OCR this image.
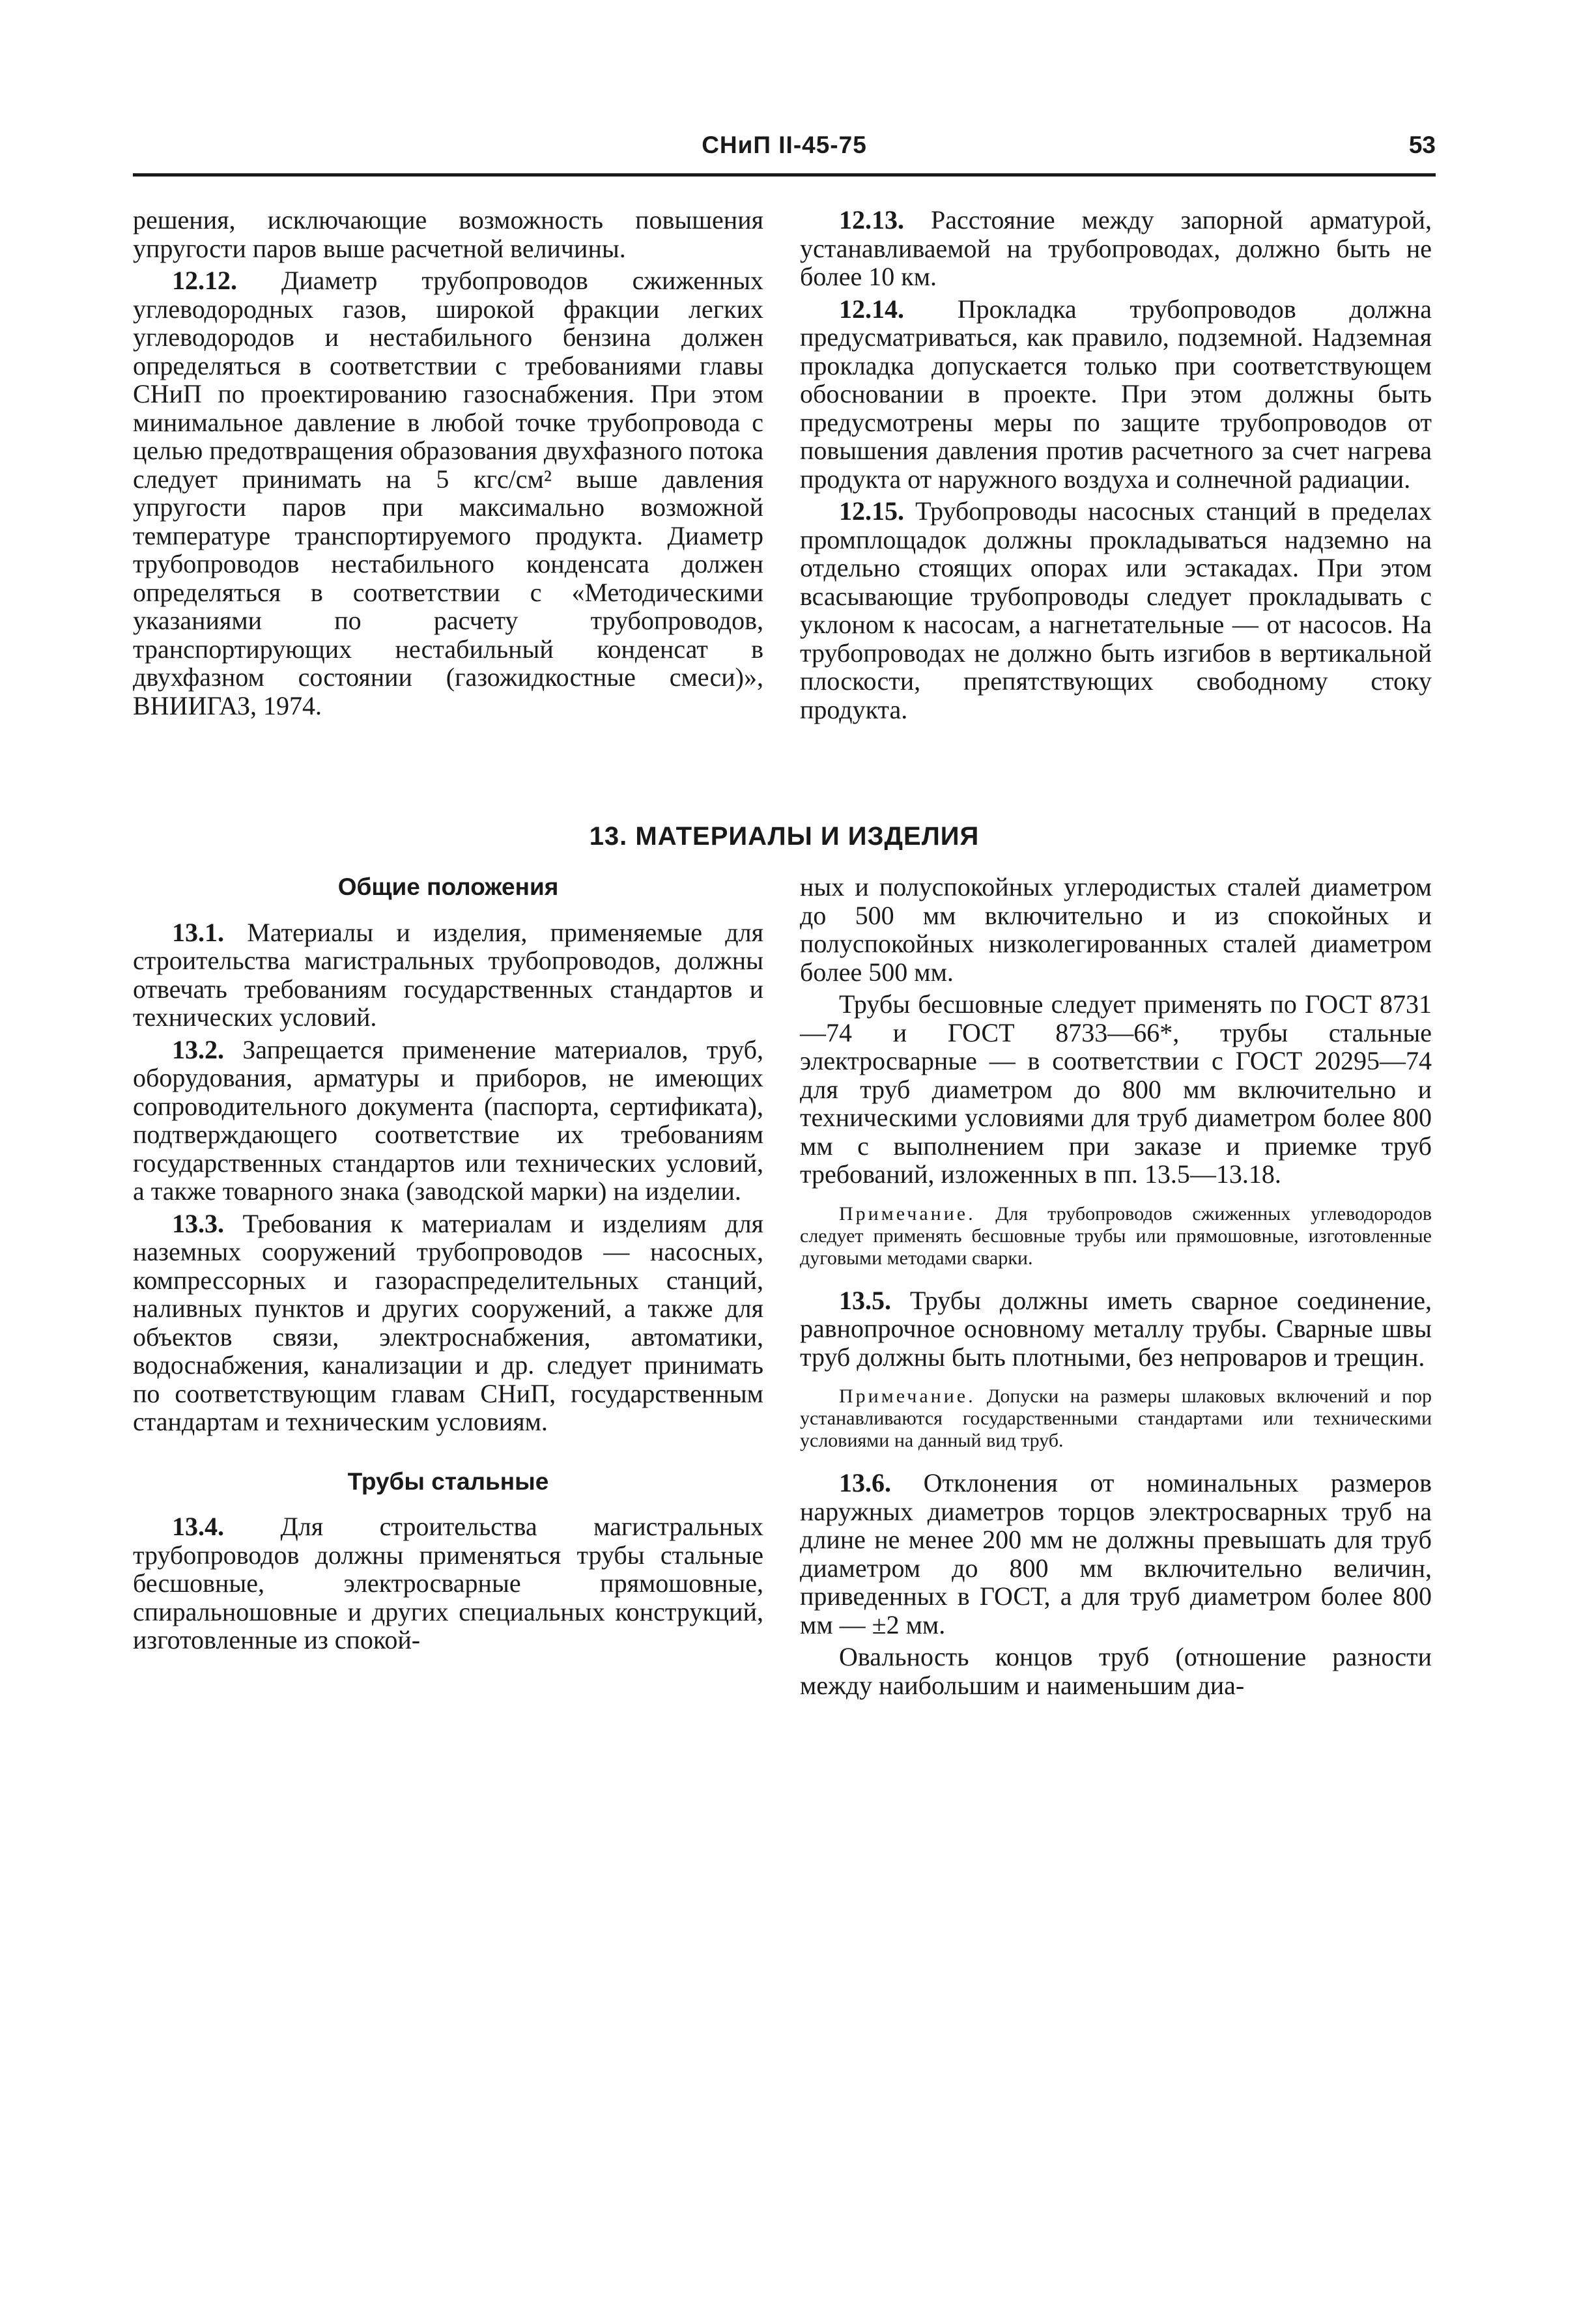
СНиП II-45-75	53

решения, исключающие возможность повышения упругости паров выше расчетной величины.

12.12. Диаметр трубопроводов сжиженных углеводородных газов, широкой фракции легких углеводородов и нестабильного бензина должен определяться в соответствии с требованиями главы СНиП по проектированию газоснабжения. При этом минимальное давление в любой точке трубопровода с целью предотвращения образования двухфазного потока следует принимать на 5 кгс/см² выше давления упругости паров при максимально возможной температуре транспортируемого продукта. Диаметр трубопроводов нестабильного конденсата должен определяться в соответствии с «Методическими указаниями по расчету трубопроводов, транспортирующих нестабильный конденсат в двухфазном состоянии (газожидкостные смеси)», ВНИИГАЗ, 1974.

12.13. Расстояние между запорной арматурой, устанавливаемой на трубопроводах, должно быть не более 10 км.

12.14. Прокладка трубопроводов должна предусматриваться, как правило, подземной. Надземная прокладка допускается только при соответствующем обосновании в проекте. При этом должны быть предусмотрены меры по защите трубопроводов от повышения давления против расчетного за счет нагрева продукта от наружного воздуха и солнечной радиации.

12.15. Трубопроводы насосных станций в пределах промплощадок должны прокладываться надземно на отдельно стоящих опорах или эстакадах. При этом всасывающие трубопроводы следует прокладывать с уклоном к насосам, а нагнетательные — от насосов. На трубопроводах не должно быть изгибов в вертикальной плоскости, препятствующих свободному стоку продукта.

13. МАТЕРИАЛЫ И ИЗДЕЛИЯ

Общие положения

13.1. Материалы и изделия, применяемые для строительства магистральных трубопроводов, должны отвечать требованиям государственных стандартов и технических условий.

13.2. Запрещается применение материалов, труб, оборудования, арматуры и приборов, не имеющих сопроводительного документа (паспорта, сертификата), подтверждающего соответствие их требованиям государственных стандартов или технических условий, а также товарного знака (заводской марки) на изделии.

13.3. Требования к материалам и изделиям для наземных сооружений трубопроводов — насосных, компрессорных и газораспределительных станций, наливных пунктов и других сооружений, а также для объектов связи, электроснабжения, автоматики, водоснабжения, канализации и др. следует принимать по соответствующим главам СНиП, государственным стандартам и техническим условиям.

Трубы стальные

13.4. Для строительства магистральных трубопроводов должны применяться трубы стальные бесшовные, электросварные прямошовные, спиральношовные и других специальных конструкций, изготовленные из спокой-

ных и полуспокойных углеродистых сталей диаметром до 500 мм включительно и из спокойных и полуспокойных низколегированных сталей диаметром более 500 мм.

Трубы бесшовные следует применять по ГОСТ 8731—74 и ГОСТ 8733—66*, трубы стальные электросварные — в соответствии с ГОСТ 20295—74 для труб диаметром до 800 мм включительно и техническими условиями для труб диаметром более 800 мм с выполнением при заказе и приемке труб требований, изложенных в пп. 13.5—13.18.

Примечание. Для трубопроводов сжиженных углеводородов следует применять бесшовные трубы или прямошовные, изготовленные дуговыми методами сварки.

13.5. Трубы должны иметь сварное соединение, равнопрочное основному металлу трубы. Сварные швы труб должны быть плотными, без непроваров и трещин.

Примечание. Допуски на размеры шлаковых включений и пор устанавливаются государственными стандартами или техническими условиями на данный вид труб.

13.6. Отклонения от номинальных размеров наружных диаметров торцов электросварных труб на длине не менее 200 мм не должны превышать для труб диаметром до 800 мм включительно величин, приведенных в ГОСТ, а для труб диаметром более 800 мм — ±2 мм.

Овальность концов труб (отношение разности между наибольшим и наименьшим диа-
